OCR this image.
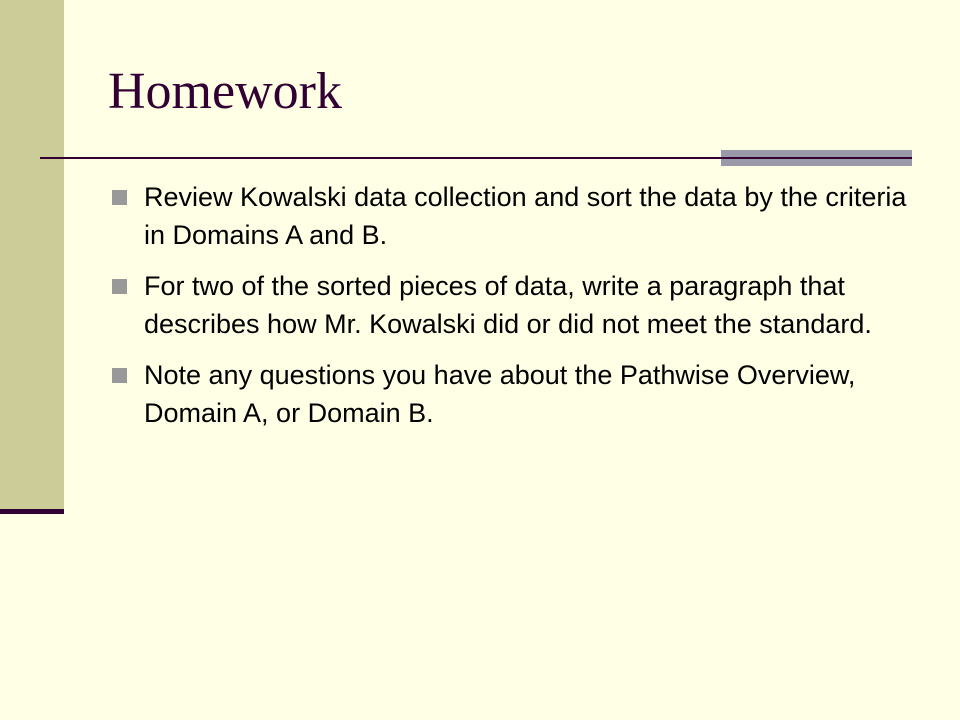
Homework
Review Kowalski data collection and sort the data by the criteria in Domains A and B.
For two of the sorted pieces of data, write a paragraph that describes how Mr. Kowalski did or did not meet the standard.
Note any questions you have about the Pathwise Overview, Domain A, or Domain B.
